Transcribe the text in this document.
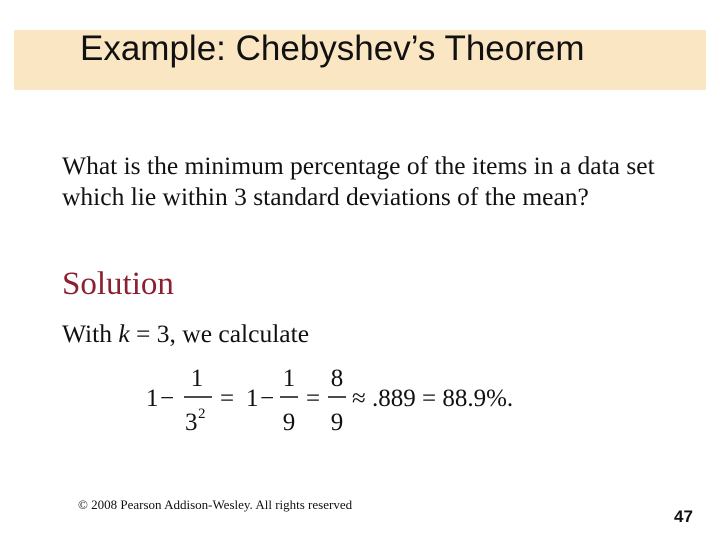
Example: Chebyshev’s Theorem
What is the minimum percentage of the items in a data set which lie within 3 standard deviations of the mean?
Solution
With k = 3, we calculate
1 −
1
3 2
= 1 −
1
9
=
8
9
≈ .889 = 88.9%.
© 2008 Pearson Addison-Wesley. All rights reserved
47
